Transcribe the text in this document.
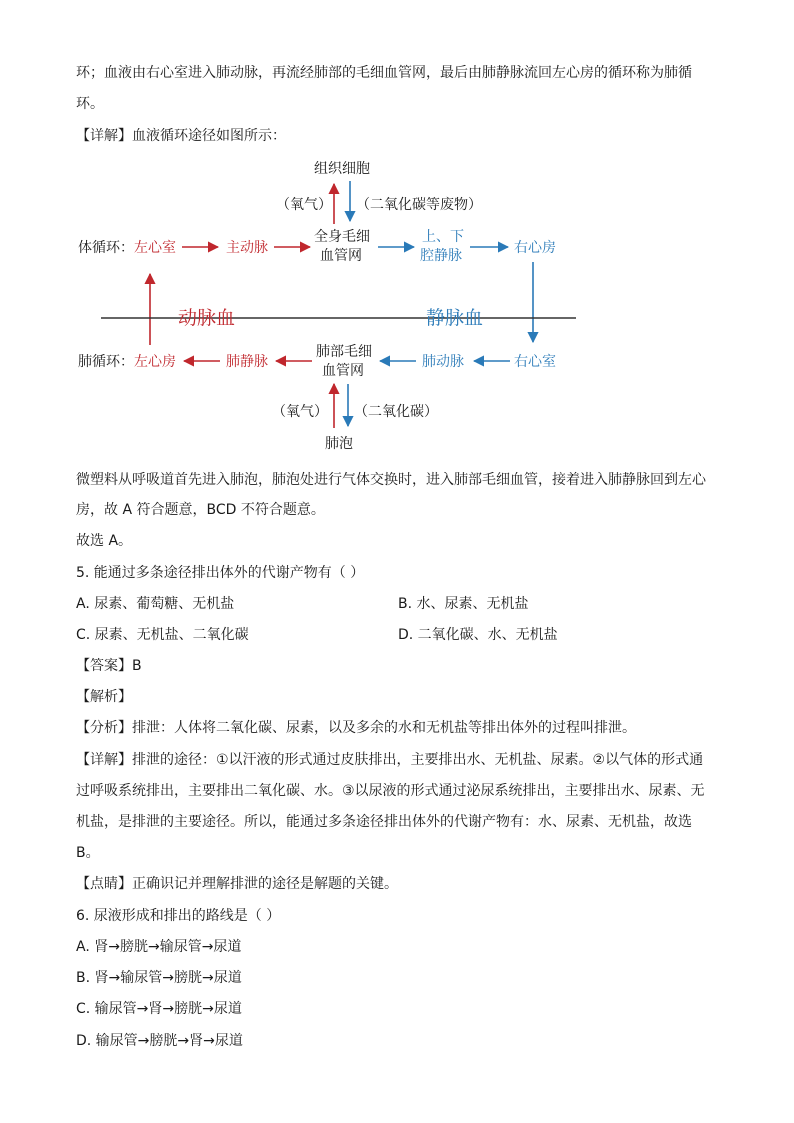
环；血液由右心室进入肺动脉，再流经肺部的毛细血管网，最后由肺静脉流回左心房的循环称为肺循
环。
【详解】血液循环途径如图所示：
组织细胞
（氧气） （二氧化碳等废物）
体循环： 左心室	主动脉
全身毛细
血管网
上、下
腔静脉	右心房
动脉血	静脉血
肺循环： 左心房	肺静脉
肺部毛细
血管网
肺动脉	右心室
（氧气） （二氧化碳）
肺泡
微塑料从呼吸道首先进入肺泡，肺泡处进行气体交换时，进入肺部毛细血管，接着进入肺静脉回到左心
房，故 A 符合题意，BCD 不符合题意。
故选 A。
5. 能通过多条途径排出体外的代谢产物有（ ）
A. 尿素、葡萄糖、无机盐	B. 水、尿素、无机盐
C. 尿素、无机盐、二氧化碳	D. 二氧化碳、水、无机盐
【答案】B
【解析】
【分析】排泄：人体将二氧化碳、尿素，以及多余的水和无机盐等排出体外的过程叫排泄。
【详解】排泄的途径：①以汗液的形式通过皮肤排出，主要排出水、无机盐、尿素。②以气体的形式通
过呼吸系统排出，主要排出二氧化碳、水。③以尿液的形式通过泌尿系统排出，主要排出水、尿素、无
机盐，是排泄的主要途径。所以，能通过多条途径排出体外的代谢产物有：水、尿素、无机盐，故选
B。
【点睛】正确识记并理解排泄的途径是解题的关键。
6. 尿液形成和排出的路线是（ ）
A. 肾→膀胱→输尿管→尿道
B. 肾→输尿管→膀胱→尿道
C. 输尿管→肾→膀胱→尿道
D. 输尿管→膀胱→肾→尿道
